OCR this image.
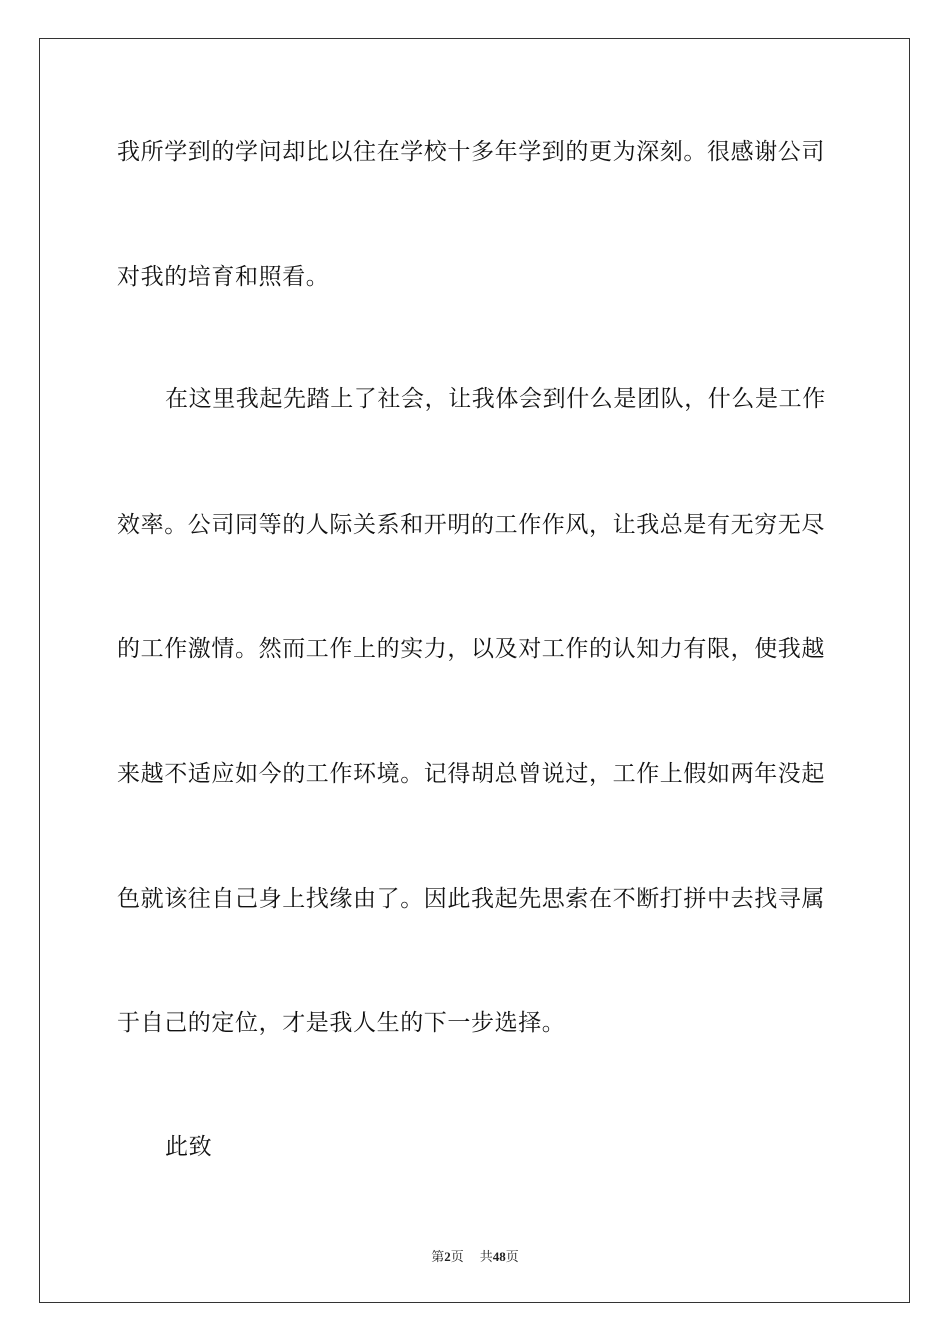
我所学到的学问却比以往在学校十多年学到的更为深刻。很感谢公司
对我的培育和照看。
在这里我起先踏上了社会，让我体会到什么是团队，什么是工作
效率。公司同等的人际关系和开明的工作作风，让我总是有无穷无尽
的工作激情。然而工作上的实力，以及对工作的认知力有限，使我越
来越不适应如今的工作环境。记得胡总曾说过，工作上假如两年没起
色就该往自己身上找缘由了。因此我起先思索在不断打拼中去找寻属
于自己的定位，才是我人生的下一步选择。
此致
第2页 共48页
